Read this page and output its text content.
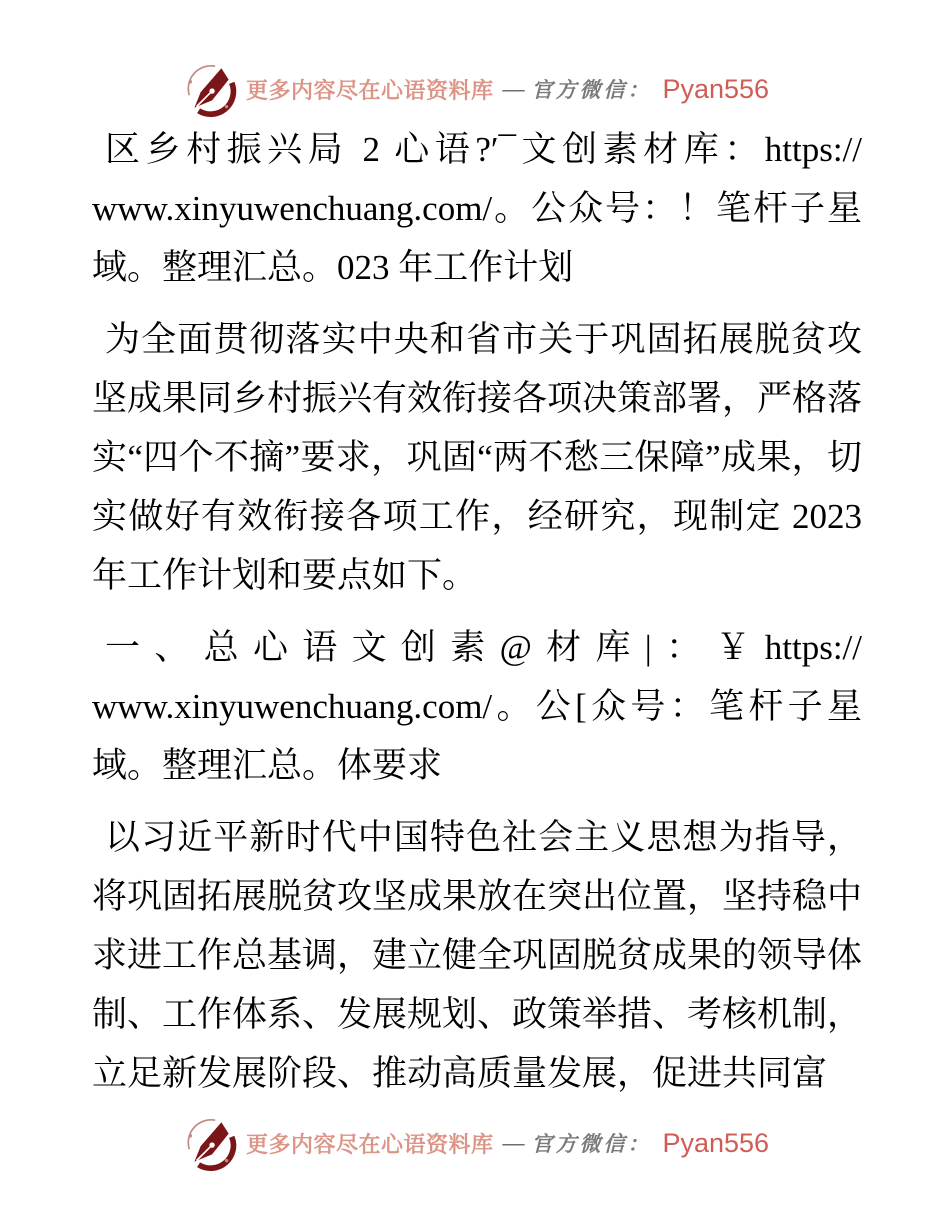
更多内容尽在心语资料库 — 官方微信： Pyan556

区乡村振兴局 2 心语?′¯文创素材库：https://​www.xinyuwenchuang.com/。公众号：！笔杆子星域。整理汇总。023 年工作计划

为全面贯彻落实中央和省市关于巩固拓展脱贫攻坚成果同乡村振兴有效衔接各项决策部署，严格落实“四个不摘”要求，巩固“两不愁三保障”成果，切实做好有效衔接各项工作，经研究，现制定 2023 年工作计划和要点如下。

一、总心语文创素@材库|：￥https://​www.xinyuwenchuang.com/。公[众号：笔杆子星域。整理汇总。体要求

以习近平新时代中国特色社会主义思想为指导，将巩固拓展脱贫攻坚成果放在突出位置，坚持稳中求进工作总基调，建立健全巩固脱贫成果的领导体制、工作体系、发展规划、政策举措、考核机制，立足新发展阶段、推动高质量发展，促进共同富

更多内容尽在心语资料库 — 官方微信： Pyan556
